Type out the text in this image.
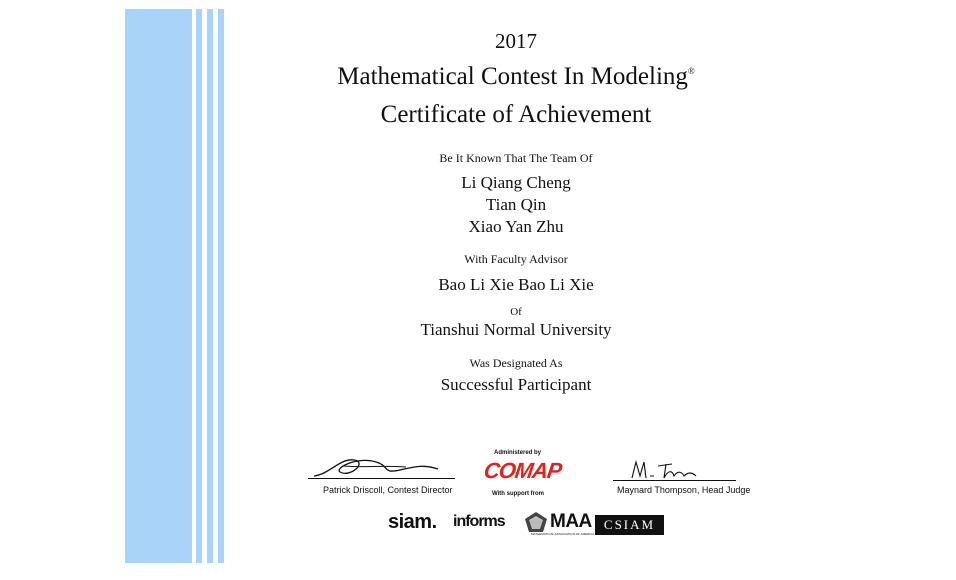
2017
Mathematical Contest In Modeling®
Certificate of Achievement
Be It Known That The Team Of
Li Qiang Cheng
Tian Qin
Xiao Yan Zhu
With Faculty Advisor
Bao Li Xie Bao Li Xie
Of
Tianshui Normal University
Was Designated As
Successful Participant
Patrick Driscoll, Contest Director
Administered by
COMAP
With support from	Maynard Thompson, Head Judge
siam. informs MAA
MATHEMATICAL ASSOCIATION OF AMERICA
CSIAM
